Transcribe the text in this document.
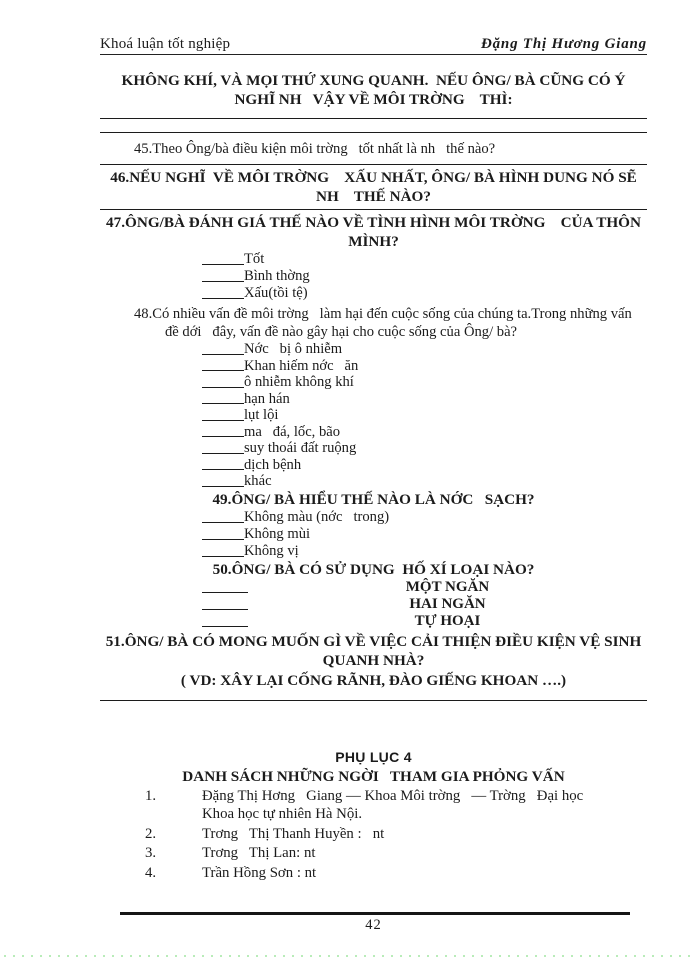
Khoá luận tốt nghiệp	Đặng Thị Hương Giang
KHÔNG KHÍ, VÀ MỌI THỨ XUNG QUANH.  NẾU ÔNG/ BÀ CŨNG CÓ Ý NGHĨ NH   VẬY VỀ MÔI TRỜNG    THÌ:

45.Theo Ông/bà điều kiện môi trờng   tốt nhất là nh   thế nào?

46.NẾU NGHĨ  VỀ MÔI TRỜNG    XẤU NHẤT, ÔNG/ BÀ HÌNH DUNG NÓ SẼ NH    THẾ NÀO?

47.ÔNG/BÀ ĐÁNH GIÁ THẾ NÀO VỀ TÌNH HÌNH MÔI TRỜNG    CỦA THÔN MÌNH?

Tốt
Bình thờng
Xấu(tồi tệ)

48.Có nhiều vấn đề môi trờng   làm hại đến cuộc sống của chúng ta.Trong những vấn đề dới   đây, vấn đề nào gây hại cho cuộc sống của Ông/ bà?

Nớc   bị ô nhiễm
Khan hiếm nớc   ăn
ô nhiễm không khí
hạn hán
lụt lội
ma   đá, lốc, bão
suy thoái đất ruộng
dịch bệnh
khác

49.ÔNG/ BÀ HIỂU THẾ NÀO LÀ NỚC   SẠCH?

Không màu (nớc   trong)
Không mùi
Không vị

50.ÔNG/ BÀ CÓ SỬ DỤNG  HỐ XÍ LOẠI NÀO?

MỘT NGĂN
HAI NGĂN
TỰ HOẠI

51.ÔNG/ BÀ CÓ MONG MUỐN GÌ VỀ VIỆC CẢI THIỆN ĐIỀU KIỆN VỆ SINH QUANH NHÀ?

( VD: XÂY LẠI CỐNG RÃNH, ĐÀO GIẾNG KHOAN ….)

PHỤ LỤC 4
DANH SÁCH NHỮNG NGỜI   THAM GIA PHỎNG VẤN
1.	Đặng Thị Hơng   Giang — Khoa Môi trờng   — Trờng   Đại học Khoa học tự nhiên Hà Nội.
2.	Trơng   Thị Thanh Huyền :   nt
3.	Trơng   Thị Lan: nt
4.	Trần Hồng Sơn : nt
42
